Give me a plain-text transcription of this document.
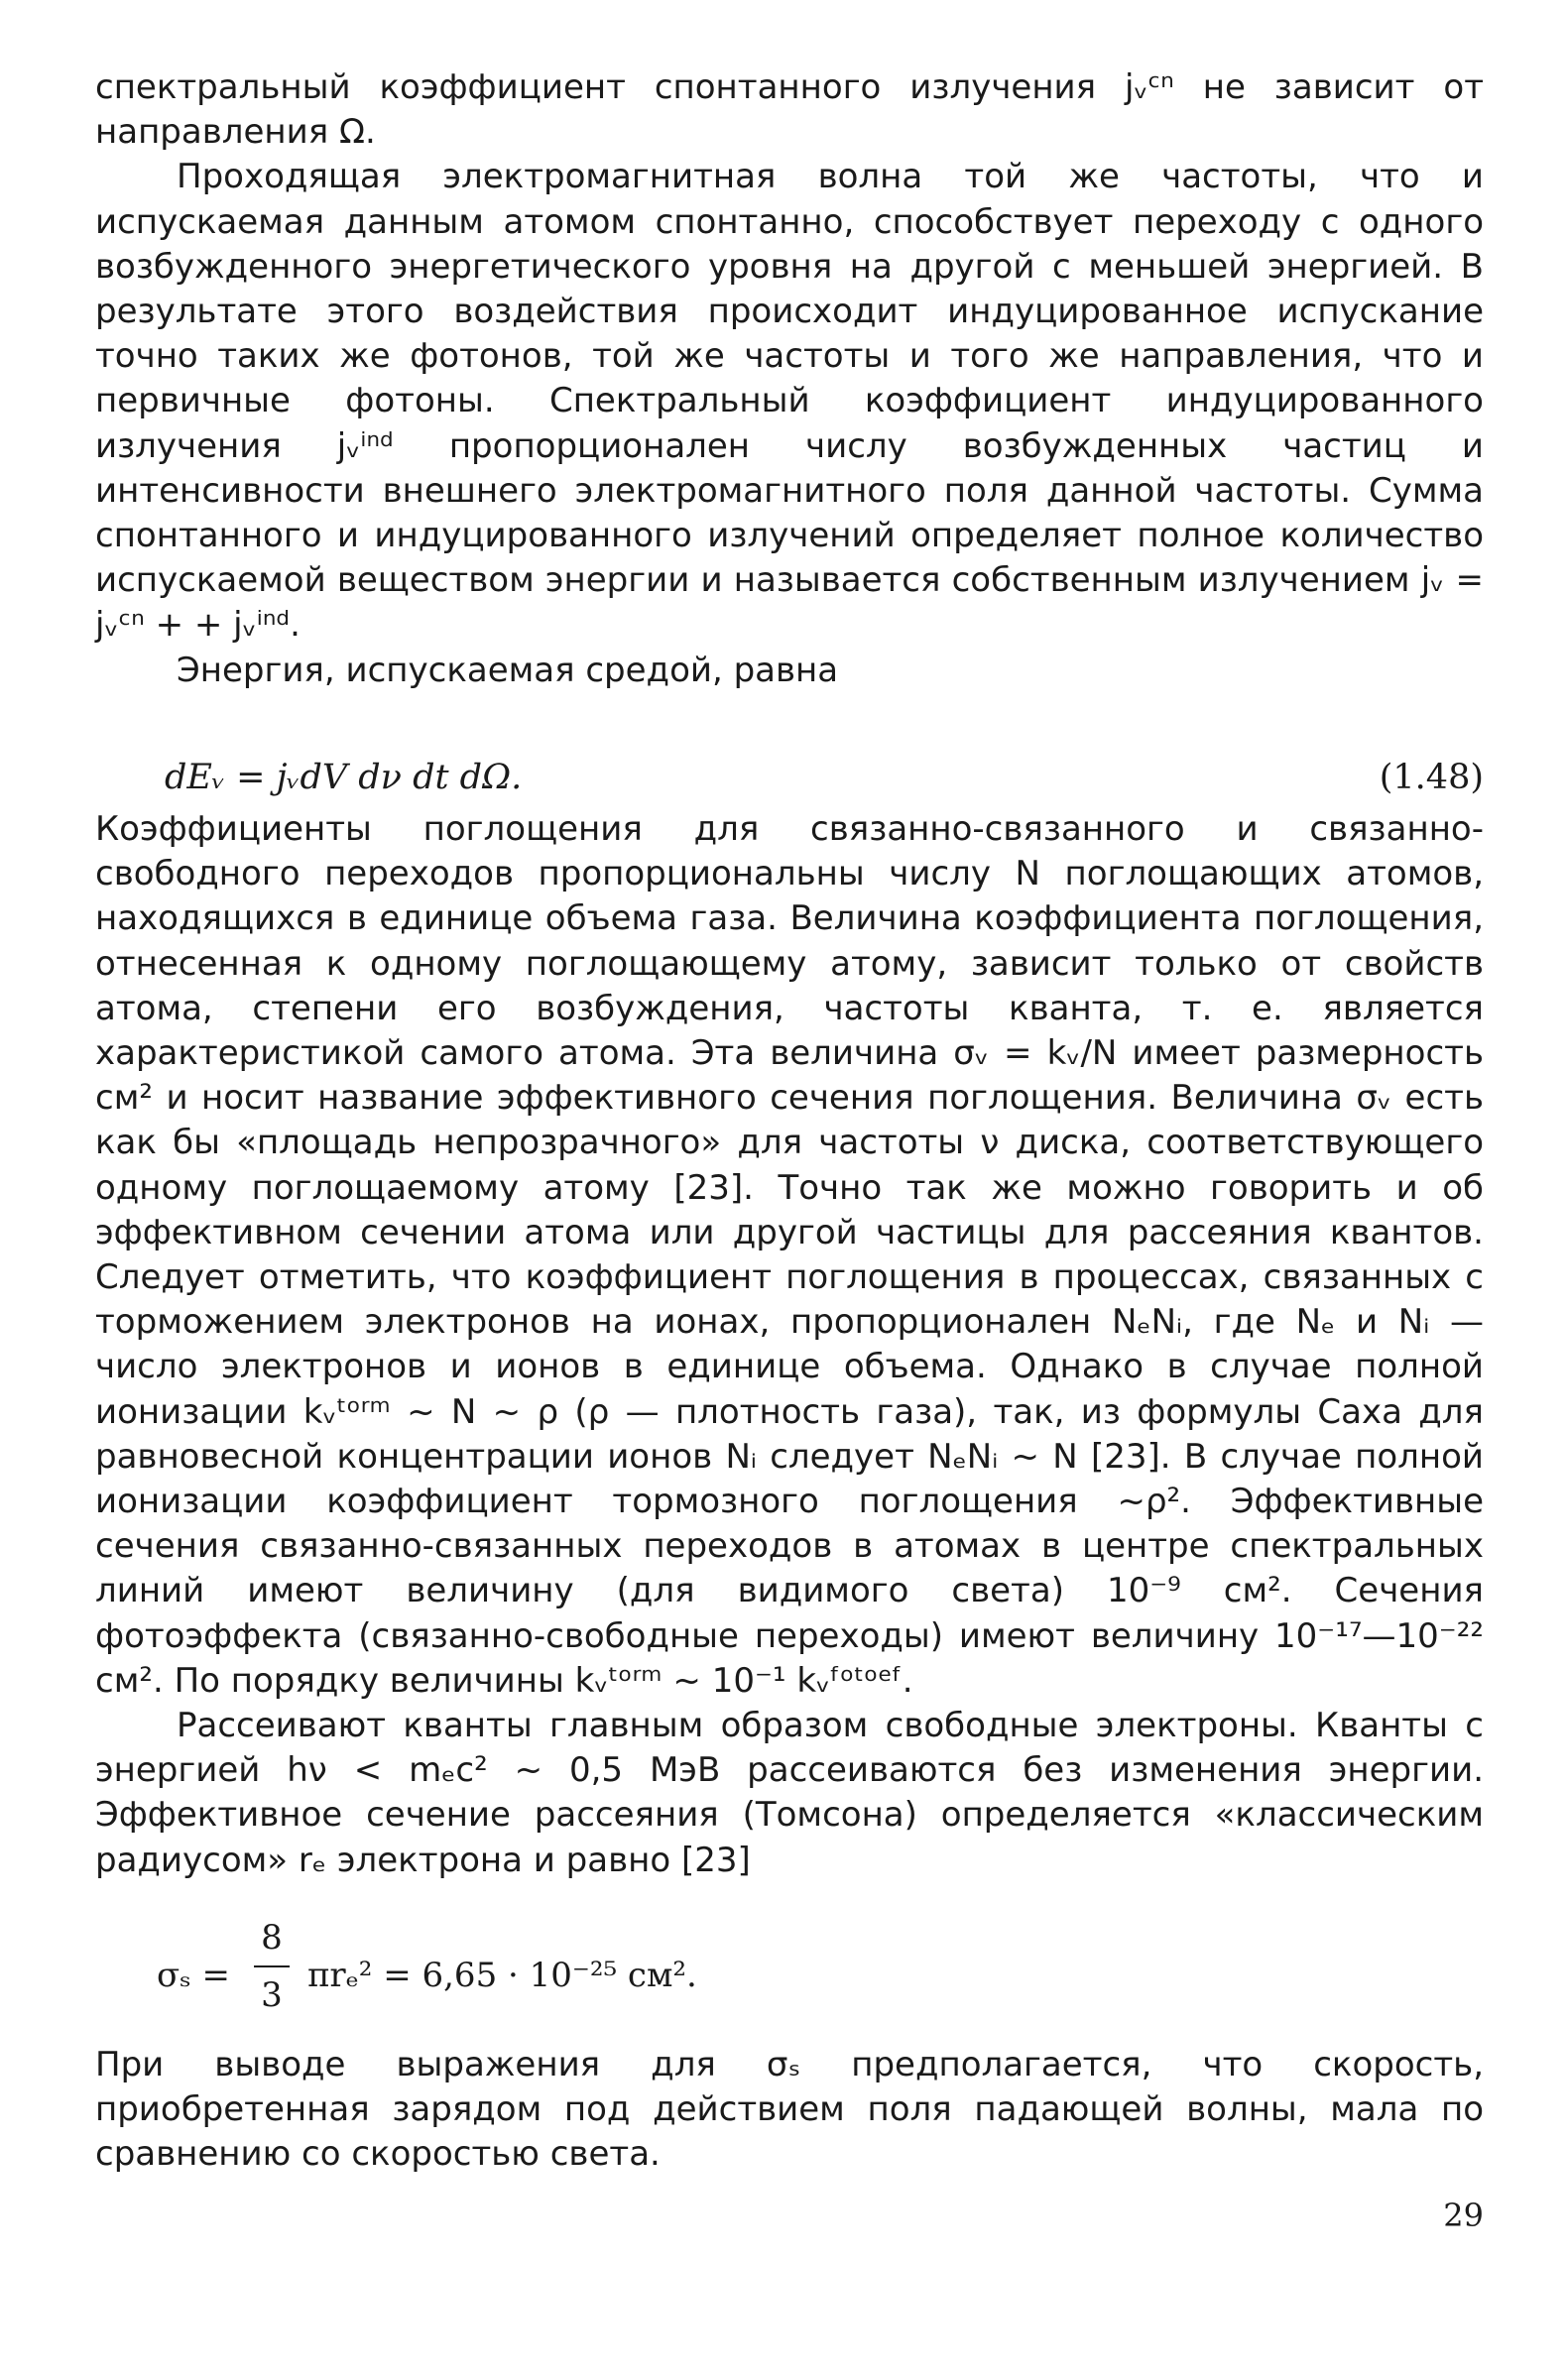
спектральный коэффициент спонтанного излучения jᵥᶜⁿ не зависит от направления Ω.

Проходящая электромагнитная волна той же частоты, что и испускаемая данным атомом спонтанно, способствует переходу с одного возбужденного энергетического уровня на другой с меньшей энергией. В результате этого воздействия происходит индуцированное испускание точно таких же фотонов, той же частоты и того же направления, что и первичные фотоны. Спектральный коэффициент индуцированного излучения jᵥⁱⁿᵈ пропорционален числу возбужденных частиц и интенсивности внешнего электромагнитного поля данной частоты. Сумма спонтанного и индуцированного излучений определяет полное количество испускаемой веществом энергии и называется собственным излучением jᵥ = jᵥᶜⁿ + + jᵥⁱⁿᵈ.

Энергия, испускаемая средой, равна

dEᵥ = jᵥdV dν dt dΩ.	(1.48)

Коэффициенты поглощения для связанно-связанного и связанно-свободного переходов пропорциональны числу N поглощающих атомов, находящихся в единице объема газа. Величина коэффициента поглощения, отнесенная к одному поглощающему атому, зависит только от свойств атома, степени его возбуждения, частоты кванта, т. е. является характеристикой самого атома. Эта величина σᵥ = kᵥ/N имеет размерность см² и носит название эффективного сечения поглощения. Величина σᵥ есть как бы «площадь непрозрачного» для частоты ν диска, соответствующего одному поглощаемому атому [23]. Точно так же можно говорить и об эффективном сечении атома или другой частицы для рассеяния квантов. Следует отметить, что коэффициент поглощения в процессах, связанных с торможением электронов на ионах, пропорционален NₑNᵢ, где Nₑ и Nᵢ — число электронов и ионов в единице объема. Однако в случае полной ионизации kᵥᵗᵒʳᵐ ~ N ~ ρ (ρ — плотность газа), так, из формулы Саха для равновесной концентрации ионов Nᵢ следует NₑNᵢ ~ N [23]. В случае полной ионизации коэффициент тормозного поглощения ~ρ². Эффективные сечения связанно-связанных переходов в атомах в центре спектральных линий имеют величину (для видимого света) 10⁻⁹ см². Сечения фотоэффекта (связанно-свободные переходы) имеют величину 10⁻¹⁷—10⁻²² см². По порядку величины kᵥᵗᵒʳᵐ ~ 10⁻¹ kᵥᶠᵒᵗᵒᵉᶠ.

Рассеивают кванты главным образом свободные электроны. Кванты с энергией hν < mₑc² ~ 0,5 МэВ рассеиваются без изменения энергии. Эффективное сечение рассеяния (Томсона) определяется «классическим радиусом» rₑ электрона и равно [23]

σₛ =
8
3 πrₑ² = 6,65 · 10⁻²⁵ см².

При выводе выражения для σₛ предполагается, что скорость, приобретенная зарядом под действием поля падающей волны, мала по сравнению со скоростью света.

29
